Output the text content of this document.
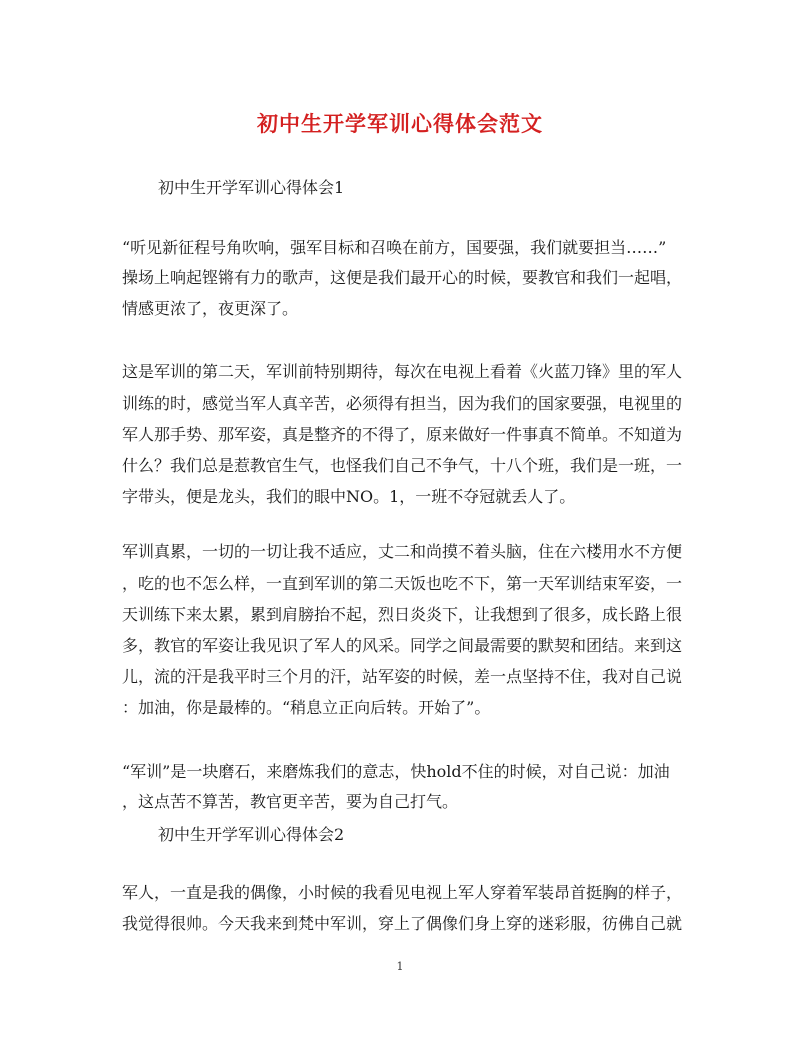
初中生开学军训心得体会范文
初中生开学军训心得体会1
“听见新征程号角吹响，强军目标和召唤在前方，国要强，我们就要担当……”
操场上响起铿锵有力的歌声，这便是我们最开心的时候，要教官和我们一起唱，
情感更浓了，夜更深了。
这是军训的第二天，军训前特别期待，每次在电视上看着《火蓝刀锋》里的军人
训练的时，感觉当军人真辛苦，必须得有担当，因为我们的国家要强，电视里的
军人那手势、那军姿，真是整齐的不得了，原来做好一件事真不简单。不知道为
什么？我们总是惹教官生气，也怪我们自己不争气，十八个班，我们是一班，一
字带头，便是龙头，我们的眼中NO。1，一班不夺冠就丢人了。
军训真累，一切的一切让我不适应，丈二和尚摸不着头脑，住在六楼用水不方便
，吃的也不怎么样，一直到军训的第二天饭也吃不下，第一天军训结束军姿，一
天训练下来太累，累到肩膀抬不起，烈日炎炎下，让我想到了很多，成长路上很
多，教官的军姿让我见识了军人的风采。同学之间最需要的默契和团结。来到这
儿，流的汗是我平时三个月的汗，站军姿的时候，差一点坚持不住，我对自己说
：加油，你是最棒的。“稍息立正向后转。开始了”。
“军训”是一块磨石，来磨炼我们的意志，快hold不住的时候，对自己说：加油
，这点苦不算苦，教官更辛苦，要为自己打气。
初中生开学军训心得体会2
军人，一直是我的偶像，小时候的我看见电视上军人穿着军装昂首挺胸的样子，
我觉得很帅。今天我来到梵中军训，穿上了偶像们身上穿的迷彩服，彷佛自己就
1
